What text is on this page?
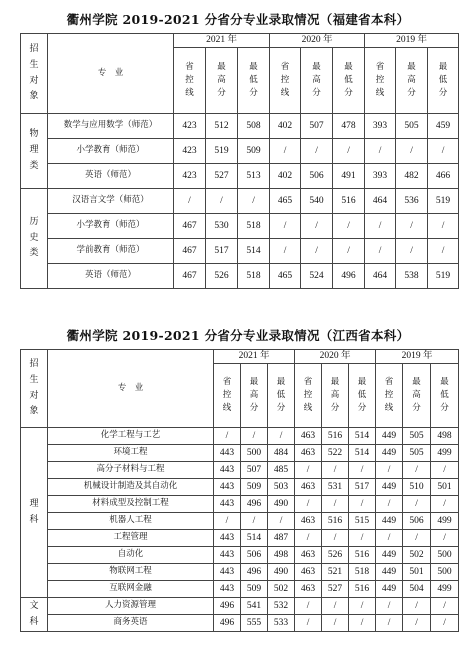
衢州学院 2019-2021 分省分专业录取情况（福建省本科）
招生对象	专　业	2021 年			2020 年			2019 年		
		省控线	最高分	最低分	省控线	最高分	最低分	省控线	最高分	最低分
物理类	数学与应用数学（师范）	423	512	508	402	507	478	393	505	459
	小学教育（师范）	423	519	509	/	/	/	/	/	/
	英语（师范）	423	527	513	402	506	491	393	482	466
历史类	汉语言文学（师范）	/	/	/	465	540	516	464	536	519
	小学教育（师范）	467	530	518	/	/	/	/	/	/
	学前教育（师范）	467	517	514	/	/	/	/	/	/
	英语（师范）	467	526	518	465	524	496	464	538	519
衢州学院 2019-2021 分省分专业录取情况（江西省本科）
招生对象	专　业	2021 年			2020 年			2019 年		
		省控线	最高分	最低分	省控线	最高分	最低分	省控线	最高分	最低分
理科	化学工程与工艺	/	/	/	463	516	514	449	505	498
	环境工程	443	500	484	463	522	514	449	505	499
	高分子材料与工程	443	507	485	/	/	/	/	/	/
	机械设计制造及其自动化	443	509	503	463	531	517	449	510	501
	材料成型及控制工程	443	496	490	/	/	/	/	/	/
	机器人工程	/	/	/	463	516	515	449	506	499
	工程管理	443	514	487	/	/	/	/	/	/
	自动化	443	506	498	463	526	516	449	502	500
	物联网工程	443	496	490	463	521	518	449	501	500
	互联网金融	443	509	502	463	527	516	449	504	499
文科	人力资源管理	496	541	532	/	/	/	/	/	/
	商务英语	496	555	533	/	/	/	/	/	/
